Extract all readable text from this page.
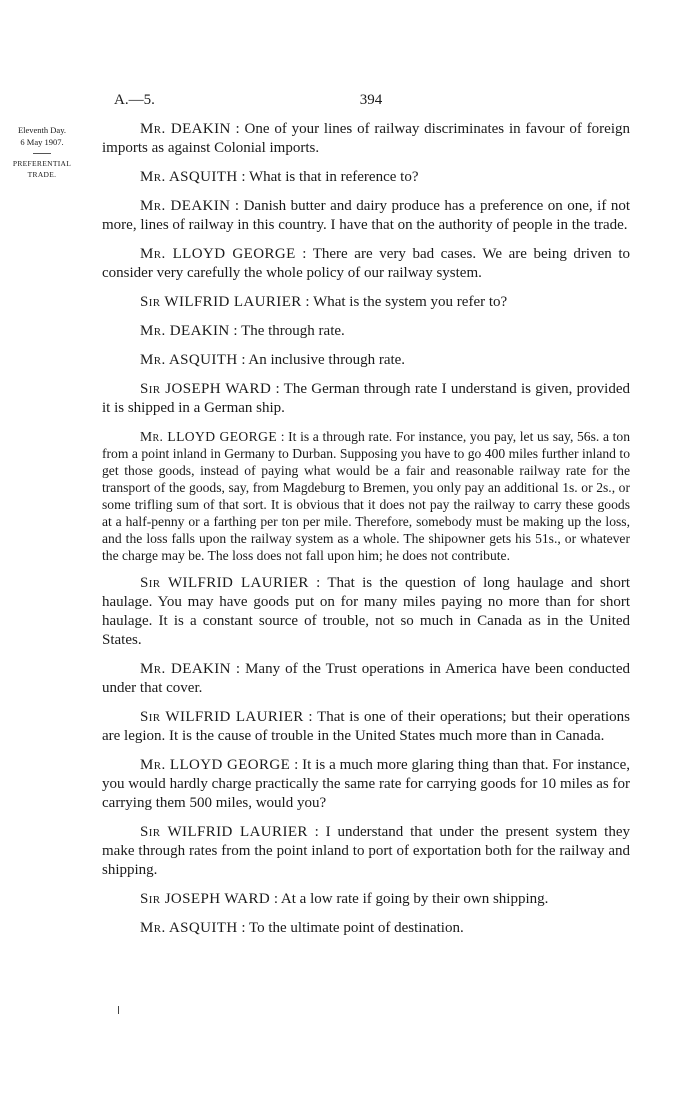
A.—5.	394
Eleventh Day.
6 May 1907.
PREFERENTIAL
TRADE.

Mr. DEAKIN : One of your lines of railway discriminates in favour of foreign imports as against Colonial imports.

Mr. ASQUITH : What is that in reference to?

Mr. DEAKIN : Danish butter and dairy produce has a preference on one, if not more, lines of railway in this country. I have that on the authority of people in the trade.

Mr. LLOYD GEORGE : There are very bad cases. We are being driven to consider very carefully the whole policy of our railway system.

Sir WILFRID LAURIER : What is the system you refer to?

Mr. DEAKIN : The through rate.

Mr. ASQUITH : An inclusive through rate.

Sir JOSEPH WARD : The German through rate I understand is given, provided it is shipped in a German ship.

Mr. LLOYD GEORGE : It is a through rate. For instance, you pay, let us say, 56s. a ton from a point inland in Germany to Durban. Supposing you have to go 400 miles further inland to get those goods, instead of paying what would be a fair and reasonable railway rate for the transport of the goods, say, from Magdeburg to Bremen, you only pay an additional 1s. or 2s., or some trifling sum of that sort. It is obvious that it does not pay the railway to carry these goods at a half-penny or a farthing per ton per mile. Therefore, somebody must be making up the loss, and the loss falls upon the railway system as a whole. The shipowner gets his 51s., or whatever the charge may be. The loss does not fall upon him; he does not contribute.

Sir WILFRID LAURIER : That is the question of long haulage and short haulage. You may have goods put on for many miles paying no more than for short haulage. It is a constant source of trouble, not so much in Canada as in the United States.

Mr. DEAKIN : Many of the Trust operations in America have been conducted under that cover.

Sir WILFRID LAURIER : That is one of their operations; but their operations are legion. It is the cause of trouble in the United States much more than in Canada.

Mr. LLOYD GEORGE : It is a much more glaring thing than that. For instance, you would hardly charge practically the same rate for carrying goods for 10 miles as for carrying them 500 miles, would you?

Sir WILFRID LAURIER : I understand that under the present system they make through rates from the point inland to port of exportation both for the railway and shipping.

Sir JOSEPH WARD : At a low rate if going by their own shipping.

Mr. ASQUITH : To the ultimate point of destination.
